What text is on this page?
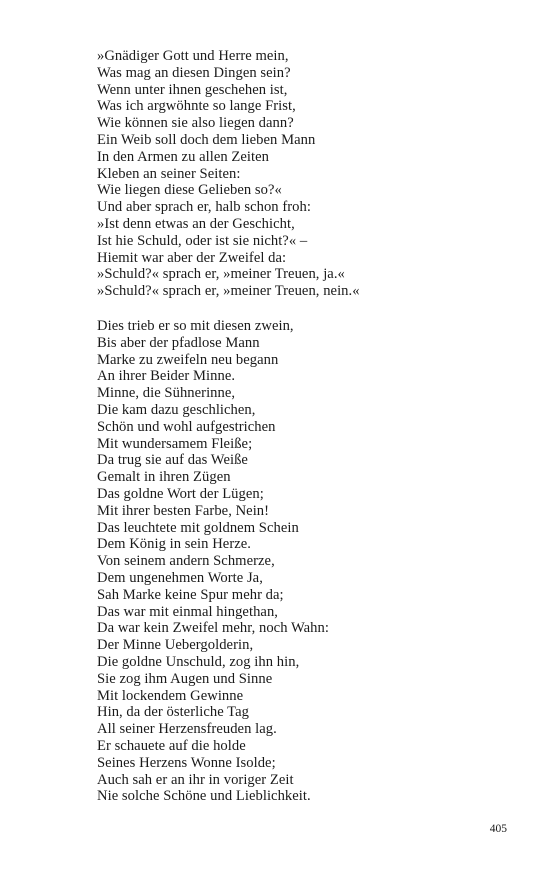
»Gnädiger Gott und Herre mein,
Was mag an diesen Dingen sein?
Wenn unter ihnen geschehen ist,
Was ich argwöhnte so lange Frist,
Wie können sie also liegen dann?
Ein Weib soll doch dem lieben Mann
In den Armen zu allen Zeiten
Kleben an seiner Seiten:
Wie liegen diese Gelieben so?«
Und aber sprach er, halb schon froh:
»Ist denn etwas an der Geschicht,
Ist hie Schuld, oder ist sie nicht?« –
Hiemit war aber der Zweifel da:
»Schuld?« sprach er, »meiner Treuen, ja.«
»Schuld?« sprach er, »meiner Treuen, nein.«
Dies trieb er so mit diesen zwein,
Bis aber der pfadlose Mann
Marke zu zweifeln neu begann
An ihrer Beider Minne.
Minne, die Sühnerinne,
Die kam dazu geschlichen,
Schön und wohl aufgestrichen
Mit wundersamem Fleiße;
Da trug sie auf das Weiße
Gemalt in ihren Zügen
Das goldne Wort der Lügen;
Mit ihrer besten Farbe, Nein!
Das leuchtete mit goldnem Schein
Dem König in sein Herze.
Von seinem andern Schmerze,
Dem ungenehmen Worte Ja,
Sah Marke keine Spur mehr da;
Das war mit einmal hingethan,
Da war kein Zweifel mehr, noch Wahn:
Der Minne Uebergolderin,
Die goldne Unschuld, zog ihn hin,
Sie zog ihm Augen und Sinne
Mit lockendem Gewinne
Hin, da der österliche Tag
All seiner Herzensfreuden lag.
Er schauete auf die holde
Seines Herzens Wonne Isolde;
Auch sah er an ihr in voriger Zeit
Nie solche Schöne und Lieblichkeit.
405
